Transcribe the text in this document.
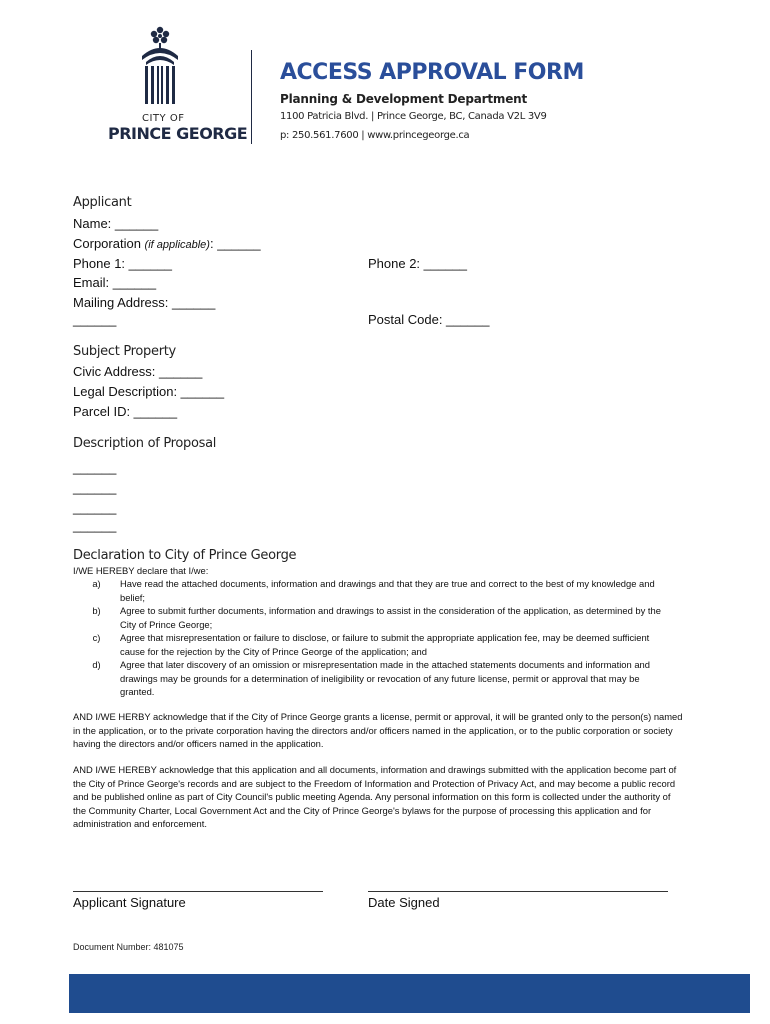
CITY OF
PRINCE GEORGE
ACCESS APPROVAL FORM
Planning & Development Department
1100 Patricia Blvd. | Prince George, BC, Canada V2L 3V9
p: 250.561.7600 | www.princegeorge.ca
Applicant
Name: ______
Corporation (if applicable): ______
Phone 1: ______	Phone 2: ______
Email: ______
Mailing Address: ______
______	Postal Code: ______
Subject Property
Civic Address: ______
Legal Description: ______
Parcel ID: ______
Description of Proposal
______
______
______
______
Declaration to City of Prince George
I/WE HEREBY declare that I/we:
a)	Have read the attached documents, information and drawings and that they are true and correct to the best of my knowledge and belief;
b)	Agree to submit further documents, information and drawings to assist in the consideration of the application, as determined by the City of Prince George;
c)	Agree that misrepresentation or failure to disclose, or failure to submit the appropriate application fee, may be deemed sufficient cause for the rejection by the City of Prince George of the application; and
d)	Agree that later discovery of an omission or misrepresentation made in the attached statements documents and information and drawings may be grounds for a determination of ineligibility or revocation of any future license, permit or approval that may be granted.
AND I/WE HERBY acknowledge that if the City of Prince George grants a license, permit or approval, it will be granted only to the person(s) named in the application, or to the private corporation having the directors and/or officers named in the application, or to the public corporation or society having the directors and/or officers named in the application.
AND I/WE HEREBY acknowledge that this application and all documents, information and drawings submitted with the application become part of the City of Prince George's records and are subject to the Freedom of Information and Protection of Privacy Act, and may become a public record and be published online as part of City Council's public meeting Agenda. Any personal information on this form is collected under the authority of the Community Charter, Local Government Act and the City of Prince George's bylaws for the purpose of processing this application and for administration and enforcement.
Applicant Signature	Date Signed
Document Number: 481075
